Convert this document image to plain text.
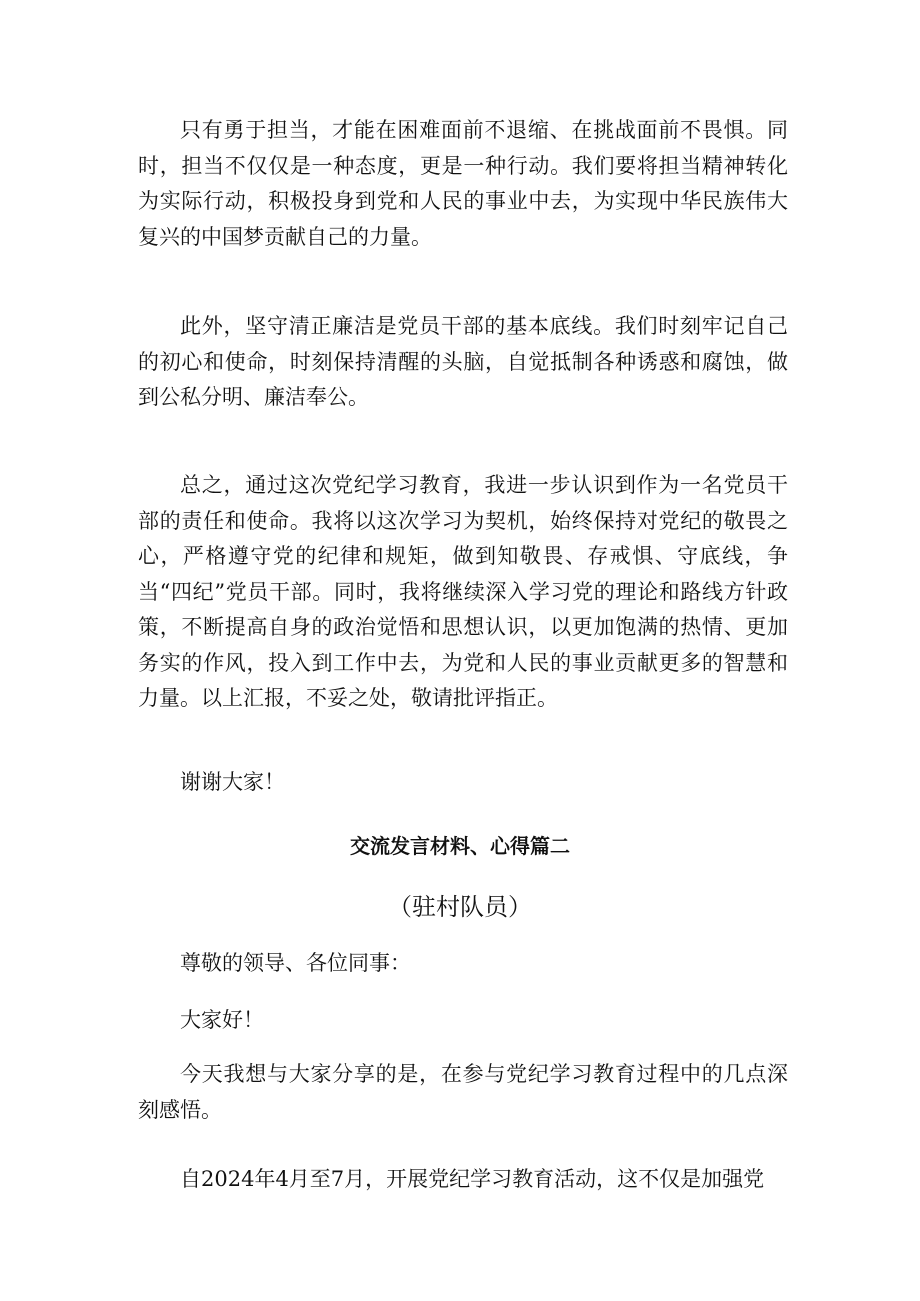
只有勇于担当，才能在困难面前不退缩、在挑战面前不畏惧。同时，担当不仅仅是一种态度，更是一种行动。我们要将担当精神转化为实际行动，积极投身到党和人民的事业中去，为实现中华民族伟大复兴的中国梦贡献自己的力量。

此外，坚守清正廉洁是党员干部的基本底线。我们时刻牢记自己的初心和使命，时刻保持清醒的头脑，自觉抵制各种诱惑和腐蚀，做到公私分明、廉洁奉公。

总之，通过这次党纪学习教育，我进一步认识到作为一名党员干部的责任和使命。我将以这次学习为契机，始终保持对党纪的敬畏之心，严格遵守党的纪律和规矩，做到知敬畏、存戒惧、守底线，争当“四纪”党员干部。同时，我将继续深入学习党的理论和路线方针政策，不断提高自身的政治觉悟和思想认识，以更加饱满的热情、更加务实的作风，投入到工作中去，为党和人民的事业贡献更多的智慧和力量。以上汇报，不妥之处，敬请批评指正。

谢谢大家！

交流发言材料、心得篇二

（驻村队员）

尊敬的领导、各位同事：

大家好！

今天我想与大家分享的是，在参与党纪学习教育过程中的几点深刻感悟。

自2024年4月至7月，开展党纪学习教育活动，这不仅是加强党
